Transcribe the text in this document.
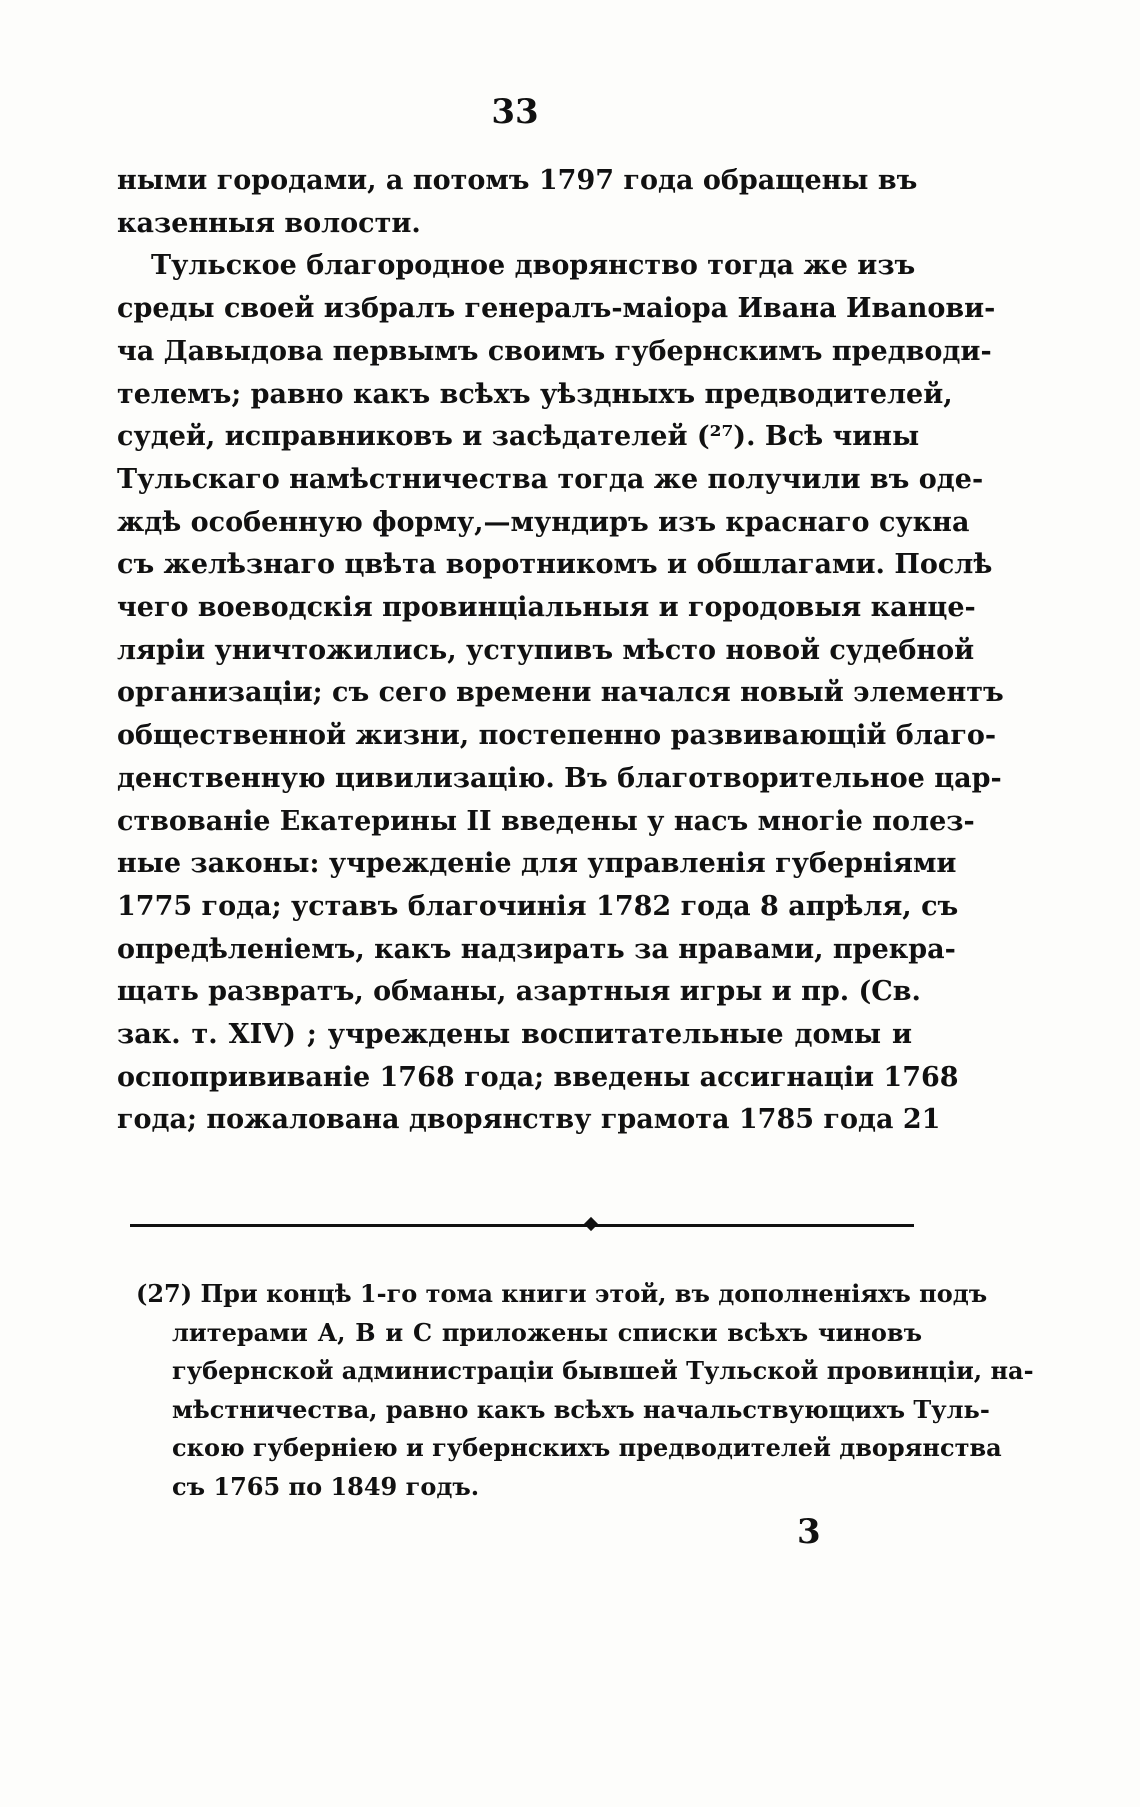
33
ными городами, а потомъ 1797 года обращены въ
казенныя волости.
Тульское благородное дворянство тогда же изъ
среды своей избралъ генералъ-маіора Ивана Ивanови-
ча Давыдова первымъ своимъ губернскимъ предводи-
телемъ; равно какъ всѣхъ уѣздныхъ предводителей,
судей, исправниковъ и засѣдателей (²⁷). Всѣ чины
Тульскаго намѣстничества тогда же получили въ оде-
ждѣ особенную форму,—мундиръ изъ краснаго сукна
съ желѣзнаго цвѣта воротникомъ и обшлагами. Послѣ
чего воеводскія провинціальныя и городовыя канце-
ляріи уничтожились, уступивъ мѣсто новой судебной
организаціи; съ сего времени начался новый элементъ
общественной жизни, постепенно развивающій благо-
денственную цивилизацію. Въ благотворительное цар-
ствованіе Екатерины II введены у насъ многіе полез-
ные законы: учрежденіе для управленія губерніями
1775 года; уставъ благочинія 1782 года 8 апрѣля, съ
опредѣленіемъ, какъ надзирать за нравами, прекра-
щать развратъ, обманы, азартныя игры и пр. (Св.
зак. т. XIV) ; учреждены воспитательные домы и
оспопрививаніе 1768 года; введены ассигнаціи 1768
года; пожалована дворянству грамота 1785 года 21
(27) При концѣ 1-го тома книги этой, въ дополненіяхъ подъ
литерами А, В и С приложены списки всѣхъ чиновъ
губернской администраціи бывшей Тульской провинціи, на-
мѣстничества, равно какъ всѣхъ начальствующихъ Туль-
скою губерніею и губернскихъ предводителей дворянства
съ 1765 по 1849 годъ.
3
